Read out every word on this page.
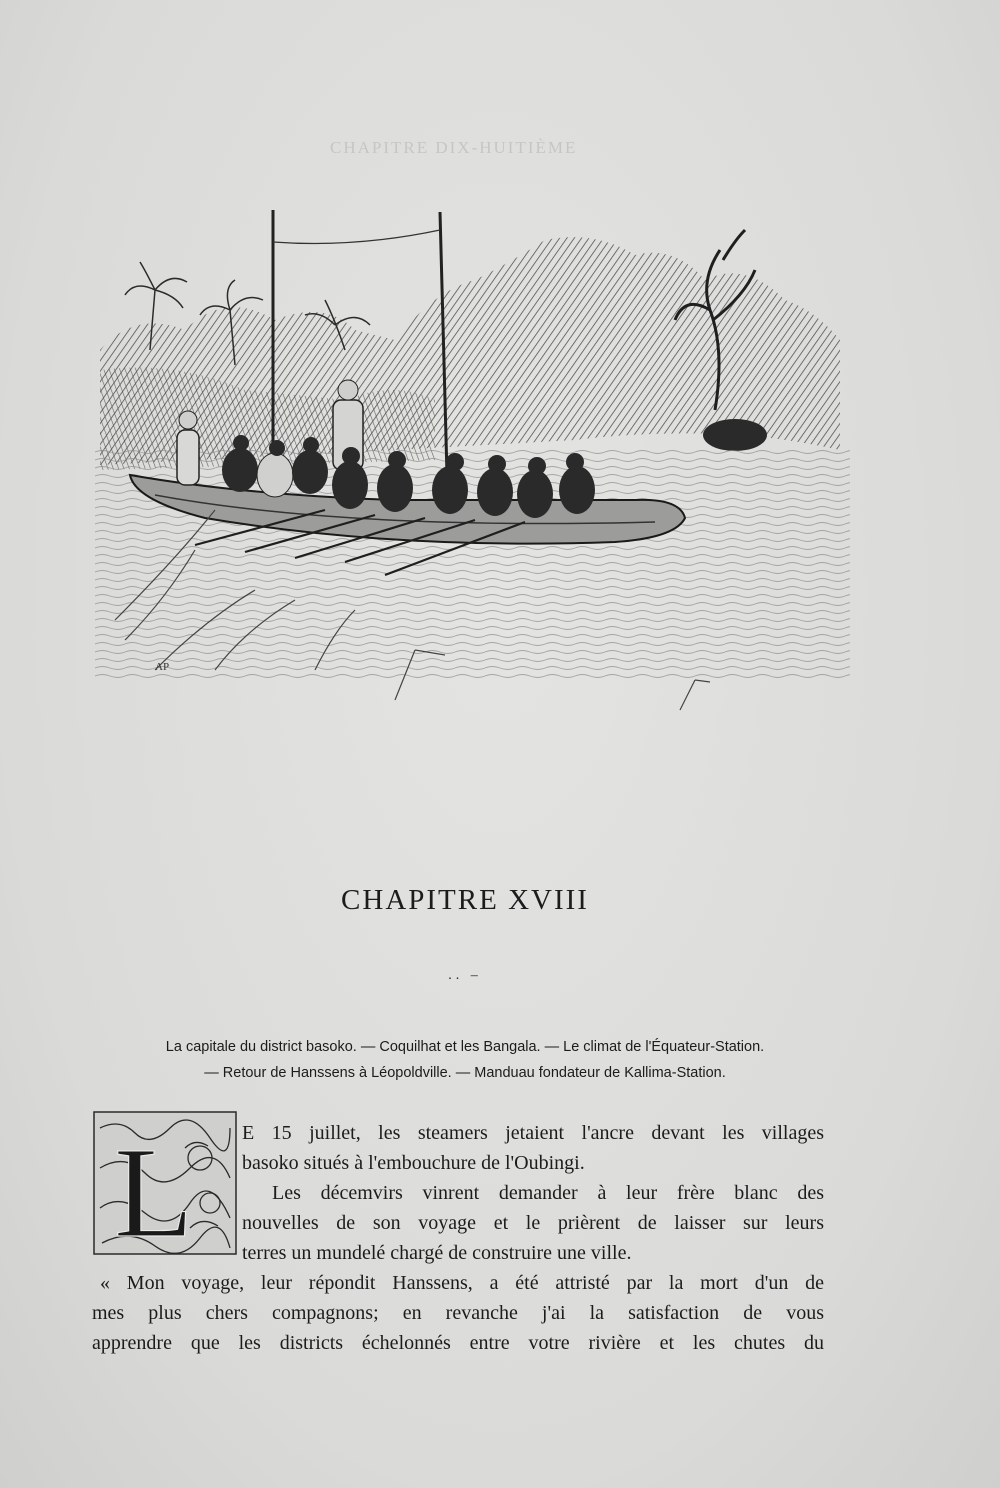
CHAPITRE DIX-HUITIÈME
AP
CHAPITRE XVIII
.. –
La capitale du district basoko. — Coquilhat et les Bangala. — Le climat de l'Équateur-Station.
— Retour de Hanssens à Léopoldville. — Manduau fondateur de Kallima-Station.
L E 15 juillet, les steamers jetaient l'ancre devant les villages
basoko situés à l'embouchure de l'Oubingi.
Les décemvirs vinrent demander à leur frère blanc des
nouvelles de son voyage et le prièrent de laisser sur leurs
terres un mundelé chargé de construire une ville.
« Mon voyage, leur répondit Hanssens, a été attristé par la mort d'un de
mes plus chers compagnons; en revanche j'ai la satisfaction de vous
apprendre que les districts échelonnés entre votre rivière et les chutes du
